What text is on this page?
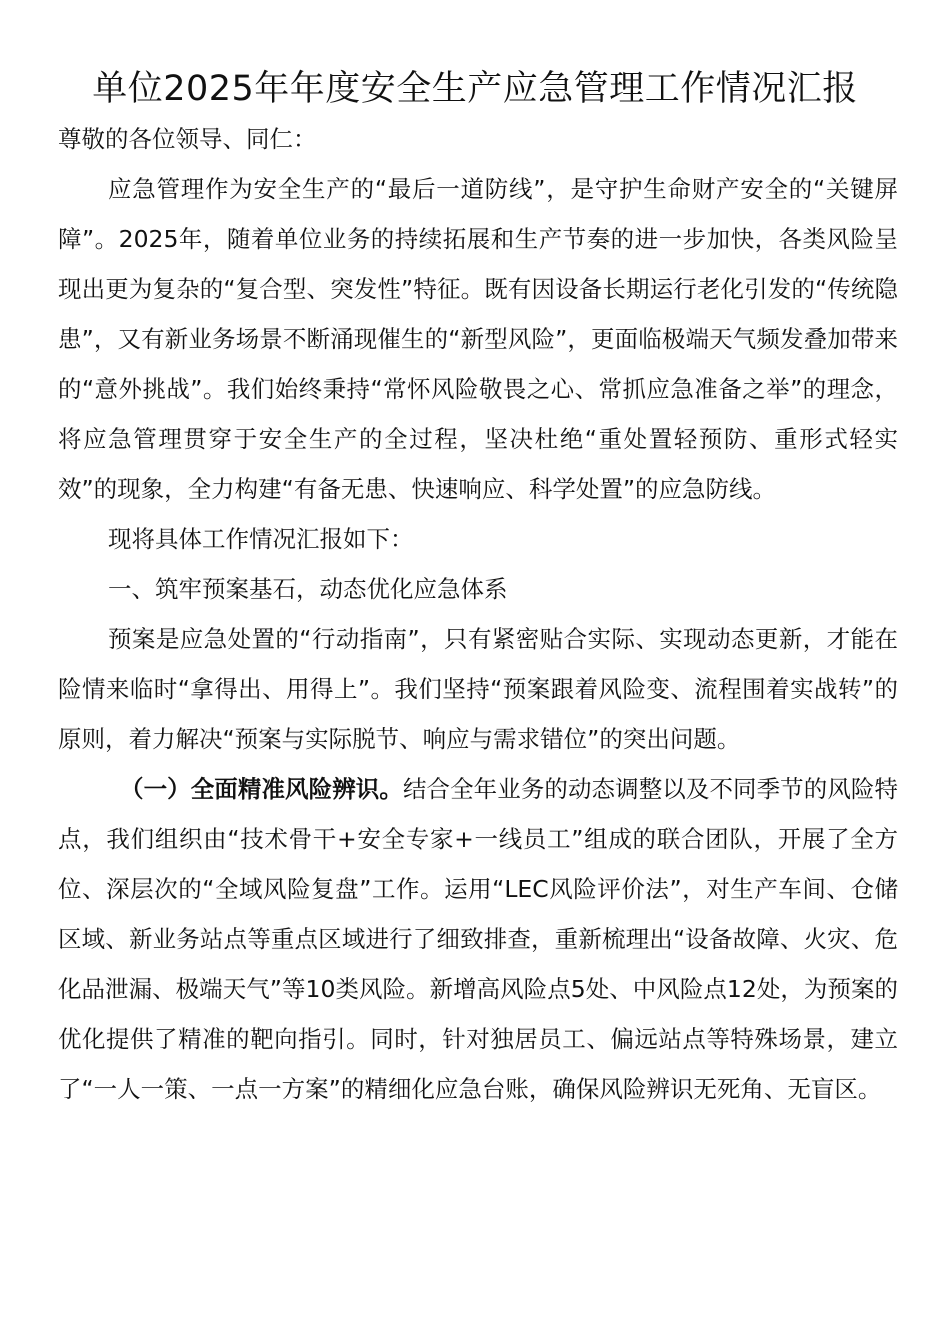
单位2025年年度安全生产应急管理工作情况汇报

尊敬的各位领导、同仁：

应急管理作为安全生产的“最后一道防线”，是守护生命财产安全的“关键屏障”。2025年，随着单位业务的持续拓展和生产节奏的进一步加快，各类风险呈现出更为复杂的“复合型、突发性”特征。既有因设备长期运行老化引发的“传统隐患”，又有新业务场景不断涌现催生的“新型风险”，更面临极端天气频发叠加带来的“意外挑战”。我们始终秉持“常怀风险敬畏之心、常抓应急准备之举”的理念，将应急管理贯穿于安全生产的全过程，坚决杜绝“重处置轻预防、重形式轻实效”的现象，全力构建“有备无患、快速响应、科学处置”的应急防线。

现将具体工作情况汇报如下：

一、筑牢预案基石，动态优化应急体系

预案是应急处置的“行动指南”，只有紧密贴合实际、实现动态更新，才能在险情来临时“拿得出、用得上”。我们坚持“预案跟着风险变、流程围着实战转”的原则，着力解决“预案与实际脱节、响应与需求错位”的突出问题。

（一）全面精准风险辨识。结合全年业务的动态调整以及不同季节的风险特点，我们组织由“技术骨干+安全专家+一线员工”组成的联合团队，开展了全方位、深层次的“全域风险复盘”工作。运用“LEC风险评价法”，对生产车间、仓储区域、新业务站点等重点区域进行了细致排查，重新梳理出“设备故障、火灾、危化品泄漏、极端天气”等10类风险。新增高风险点5处、中风险点12处，为预案的优化提供了精准的靶向指引。同时，针对独居员工、偏远站点等特殊场景，建立了“一人一策、一点一方案”的精细化应急台账，确保风险辨识无死角、无盲区。
